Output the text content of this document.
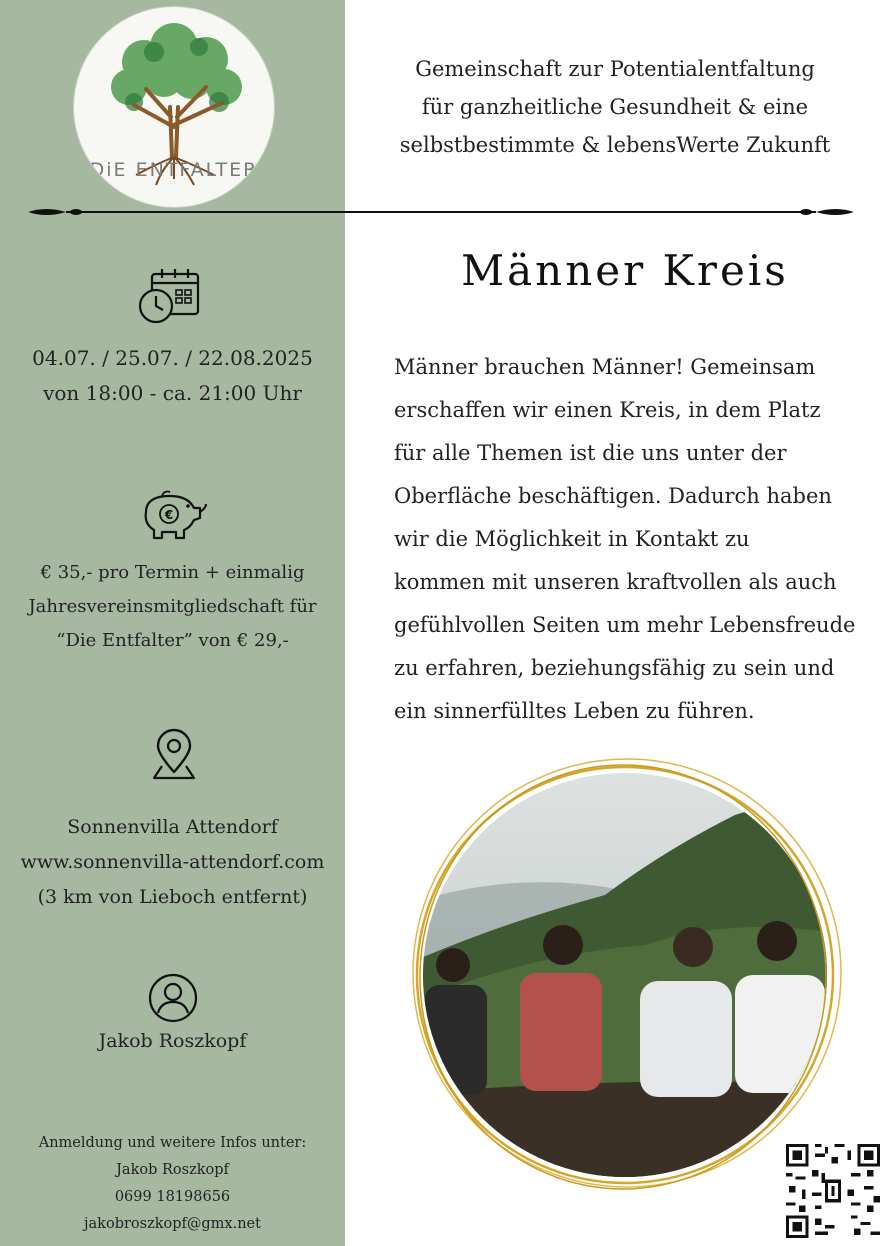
DiE ENTFALTER
Gemeinschaft zur Potentialentfaltung
für ganzheitliche Gesundheit & eine
selbstbestimmte & lebensWerte Zukunft
Männer Kreis
Männer brauchen Männer! Gemeinsam
erschaffen wir einen Kreis, in dem Platz
für alle Themen ist die uns unter der
Oberfläche beschäftigen. Dadurch haben
wir die Möglichkeit in Kontakt zu
kommen mit unseren kraftvollen als auch
gefühlvollen Seiten um mehr Lebensfreude
zu erfahren, beziehungsfähig zu sein und
ein sinnerfülltes Leben zu führen.
04.07. / 25.07. / 22.08.2025
von 18:00 - ca. 21:00 Uhr
€
€ 35,- pro Termin + einmalig
Jahresvereinsmitgliedschaft für
“Die Entfalter” von € 29,-
Sonnenvilla Attendorf
www.sonnenvilla-attendorf.com
(3 km von Lieboch entfernt)
Jakob Roszkopf
Anmeldung und weitere Infos unter:
Jakob Roszkopf
0699 18198656
jakobroszkopf@gmx.net
